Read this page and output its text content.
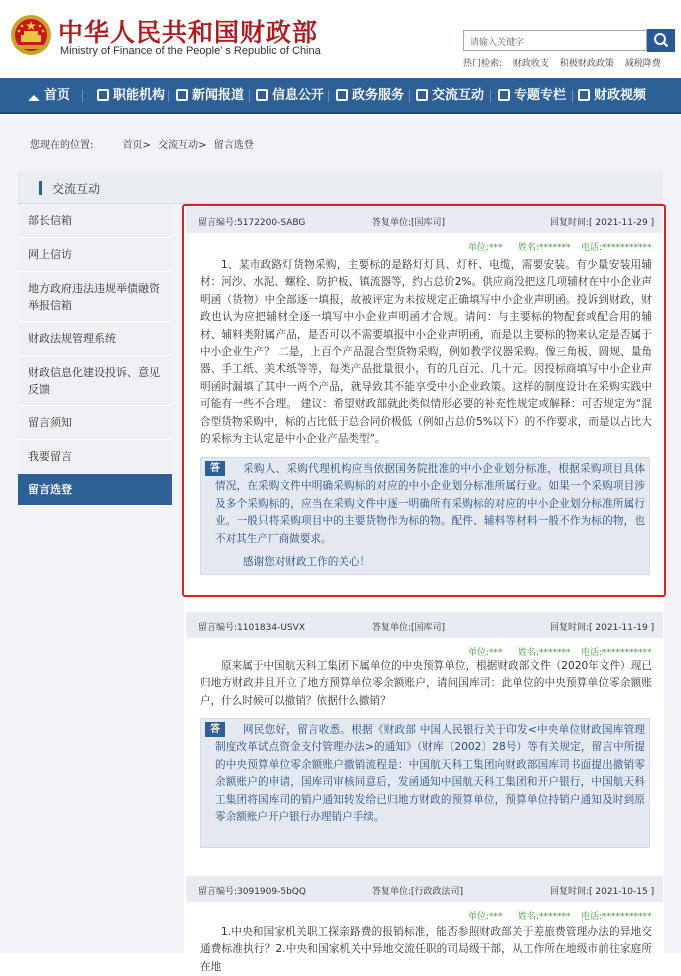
中华人民共和国财政部
Ministry of Finance of the People' s Republic of China
请输入关键字
热门检索: 财政收支 积极财政政策 减税降费
首页	职能机构	新闻报道	信息公开	政务服务	交流互动	专题专栏	财政视频
您现在的位置:	首页> 交流互动> 留言选登
交流互动
部长信箱
网上信访
地方政府违法违规举债融资举报信箱
财政法规管理系统
财政信息化建设投诉、意见反馈
留言须知
我要留言
留言选登
留言编号:5172200-SABG	答复单位:[国库司]	回复时间:[ 2021-11-29 ]
单位:*** 姓名:******* 电话:***********
1、某市政路灯货物采购，主要标的是路灯灯具、灯杆、电缆，需要安装。有少量安装用辅材：河沙、水泥、螺栓、防护板、镇流器等，约占总价2%。供应商没把这几项辅材在中小企业声明函（货物）中全部逐一填报，故被评定为未按规定正确填写中小企业声明函。投诉到财政，财政也认为应把辅材全逐一填写中小企业声明函才合规。请问：与主要标的物配套或配合用的辅材、辅料类附属产品，是否可以不需要填报中小企业声明函，而是以主要标的物来认定是否属于中小企业生产？ 二是，上百个产品混合型货物采购，例如教学仪器采购。像三角板、圆规、量角器、手工纸、美术纸等等，每类产品批量很小，有的几百元、几十元。因投标商填写中小企业声明函时漏填了其中一两个产品，就导致其不能享受中小企业政策。这样的制度设计在采购实践中可能有一些不合理。 建议：希望财政部就此类似情形必要的补充性规定或解释：可否规定为“混合型货物采购中，标的占比低于总合同价极低（例如占总价5%以下）的不作要求，而是以占比大的采标为主认定是中小企业产品类型”。
答	采购人、采购代理机构应当依据国务院批准的中小企业划分标准，根据采购项目具体情况，在采购文件中明确采购标的对应的中小企业划分标准所属行业。如果一个采购项目涉及多个采购标的，应当在采购文件中逐一明确所有采购标的对应的中小企业划分标准所属行业。一般只将采购项目中的主要货物作为标的物。配件、辅料等材料一般不作为标的物，也不对其生产厂商做要求。
感谢您对财政工作的关心！
留言编号:1101834-USVX	答复单位:[国库司]	回复时间:[ 2021-11-19 ]
单位:*** 姓名:******* 电话:***********
原来属于中国航天科工集团下属单位的中央预算单位，根据财政部文件（2020年文件）现已归地方财政并且开立了地方预算单位零余额账户，请问国库司：此单位的中央预算单位零余额账户，什么时候可以撤销？依据什么撤销？
答	网民您好，留言收悉。根据《财政部 中国人民银行关于印发<中央单位财政国库管理制度改革试点资金支付管理办法>的通知》（财库〔2002〕28号）等有关规定，留言中所提的中央预算单位零余额账户撤销流程是：中国航天科工集团向财政部国库司书面提出撤销零余额账户的申请，国库司审核同意后，发函通知中国航天科工集团和开户银行，中国航天科工集团将国库司的销户通知转发给已归地方财政的预算单位，预算单位持销户通知及时到原零余额账户开户银行办理销户手续。
留言编号:3091909-5bQQ	答复单位:[行政政法司]	回复时间:[ 2021-10-15 ]
单位:*** 姓名:******* 电话:***********
1.中央和国家机关职工探亲路费的报销标准，能否参照财政部关于差旅费管理办法的异地交通费标准执行？2.中央和国家机关中异地交流任职的司局级干部，从工作所在地级市前往家庭所在地
